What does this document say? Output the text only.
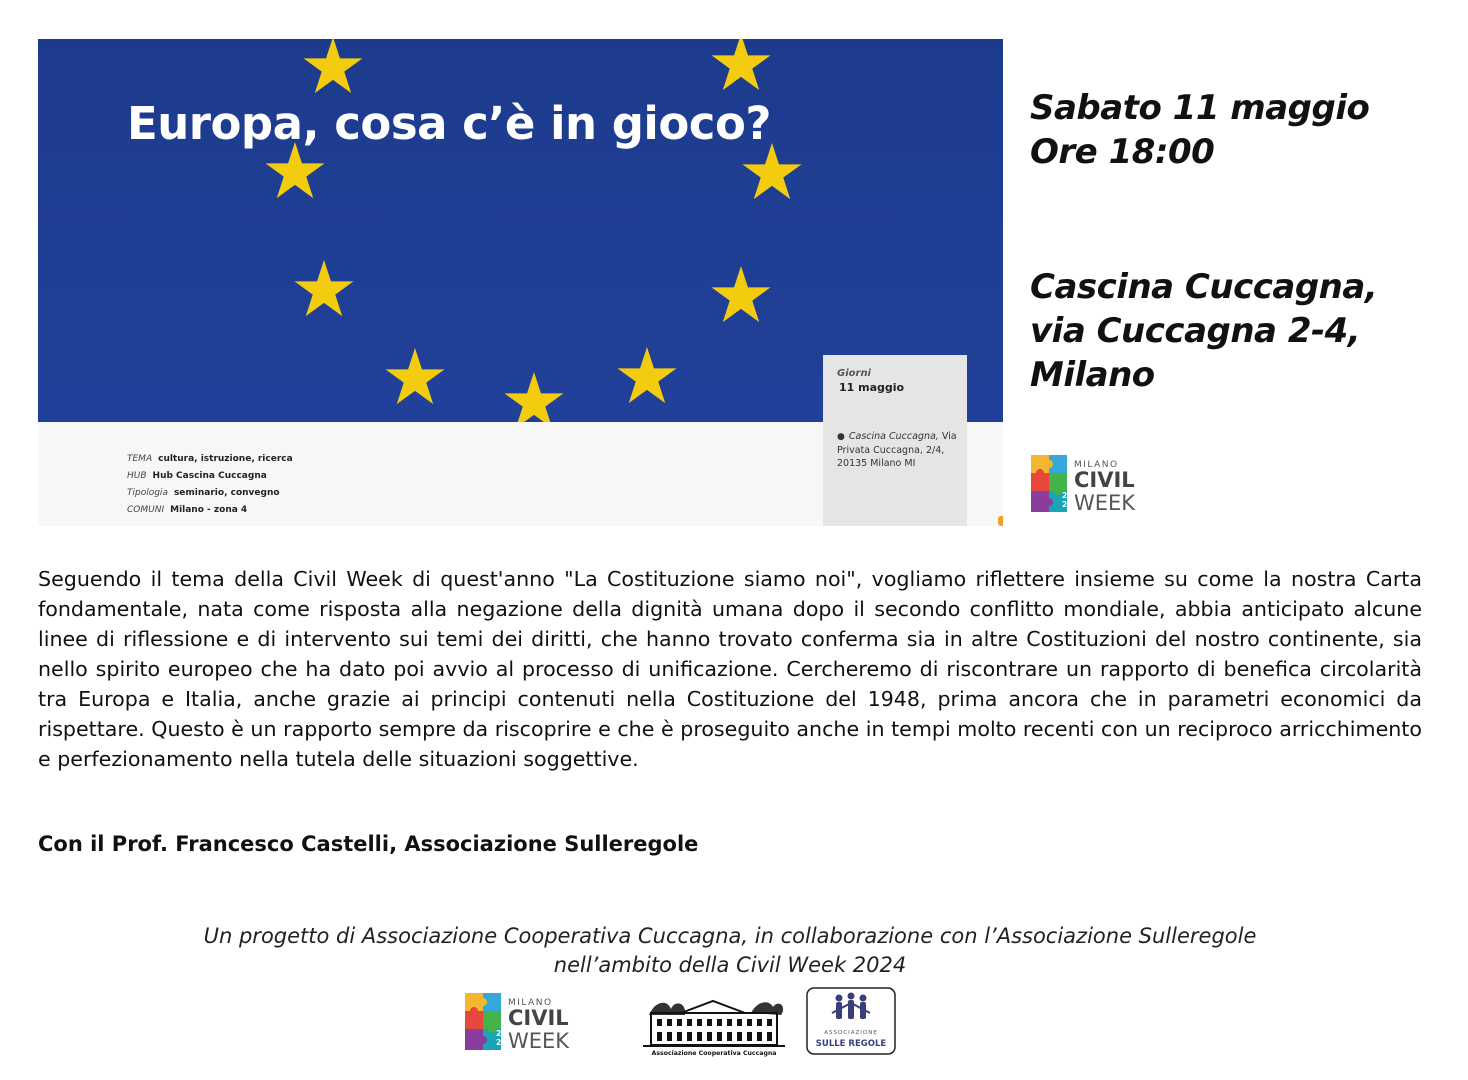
Europa, cosa c’è in gioco?
TEMA cultura, istruzione, ricerca
HUB Hub Cascina Cuccagna
Tipologia seminario, convegno
COMUNI Milano - zona 4
Giorni
11 maggio
● Cascina Cuccagna, Via Privata Cuccagna, 2/4, 20135 Milano MI
Sabato 11 maggio
Ore 18:00
Cascina Cuccagna,
via Cuccagna 2-4,
Milano
20
24
MILANO
CIVIL
WEEK
Seguendo il tema della Civil Week di quest'anno "La Costituzione siamo noi", vogliamo riflettere insieme su come la nostra Carta fondamentale, nata come risposta alla negazione della dignità umana dopo il secondo conflitto mondiale, abbia anticipato alcune linee di riflessione e di intervento sui temi dei diritti, che hanno trovato conferma sia in altre Costituzioni del nostro continente, sia nello spirito europeo che ha dato poi avvio al processo di unificazione. Cercheremo di riscontrare un rapporto di benefica circolarità tra Europa e Italia, anche grazie ai principi contenuti nella Costituzione del 1948, prima ancora che in parametri economici da rispettare. Questo è un rapporto sempre da riscoprire e che è proseguito anche in tempi molto recenti con un reciproco arricchimento e perfezionamento nella tutela delle situazioni soggettive.
Con il Prof. Francesco Castelli, Associazione Sulleregole
Un progetto di Associazione Cooperativa Cuccagna, in collaborazione con l’Associazione Sulleregole
nell’ambito della Civil Week 2024
20
24
MILANO
CIVIL
WEEK
Associazione Cooperativa Cuccagna
ASSOCIAZIONE
SULLE REGOLE
